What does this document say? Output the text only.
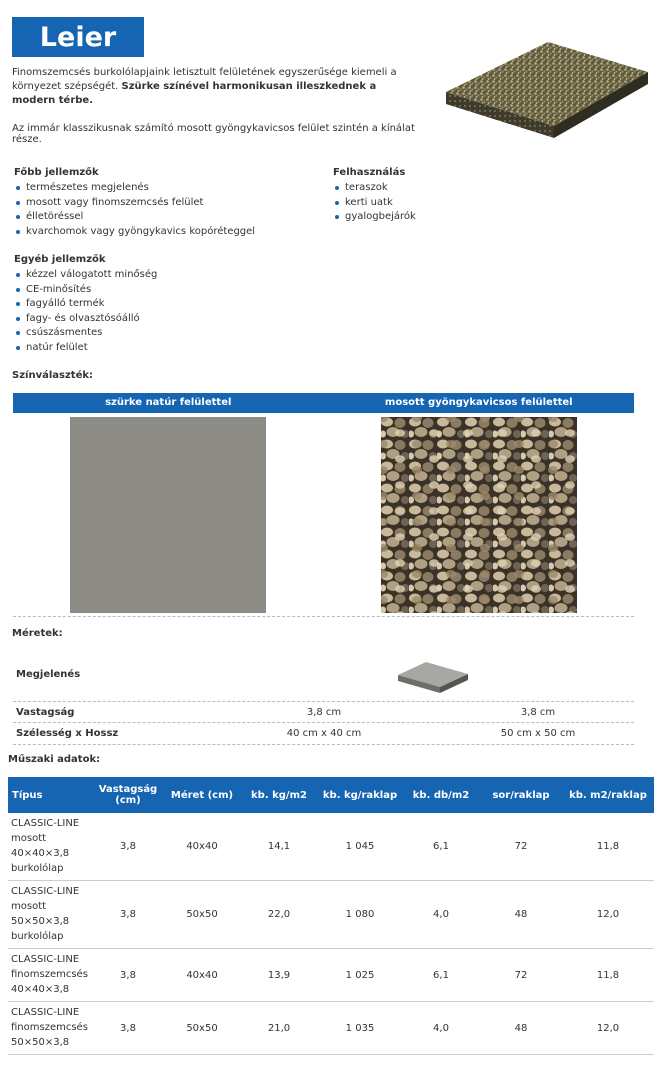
Leier
Finomszemcsés burkolólapjaink letisztult felületének egyszerűsége kiemeli a környezet szépségét. Szürke színével harmonikusan illeszkednek a modern térbe.
Az immár klasszikusnak számító mosott gyöngykavicsos felület szintén a kínálat része.
Főbb jellemzők
természetes megjelenés
mosott vagy finomszemcsés felület
élletöréssel
kvarchomok vagy gyöngykavics kopóréteggel
Felhasználás
teraszok
kerti uatk
gyalogbejárók
Egyéb jellemzők
kézzel válogatott minőség
CE-minősítés
fagyálló termék
fagy- és olvasztósóálló
csúszásmentes
natúr felület
Színválaszték:
szürke natúr felülettel	mosott gyöngykavicsos felülettel
Méretek:
Megjelenés
Vastagság	3,8 cm	3,8 cm
Szélesség x Hossz	40 cm x 40 cm	50 cm x 50 cm
Műszaki adatok:
Típus	Vastagság (cm)	Méret (cm)	kb. kg/m2	kb. kg/raklap	kb. db/m2	sor/raklap	kb. m2/raklap
CLASSIC-LINE mosott 40×40×3,8 burkolólap	3,8	40x40	14,1	1 045	6,1	72	11,8
CLASSIC-LINE mosott 50×50×3,8 burkolólap	3,8	50x50	22,0	1 080	4,0	48	12,0
CLASSIC-LINE finomszemcsés 40×40×3,8	3,8	40x40	13,9	1 025	6,1	72	11,8
CLASSIC-LINE finomszemcsés 50×50×3,8	3,8	50x50	21,0	1 035	4,0	48	12,0
